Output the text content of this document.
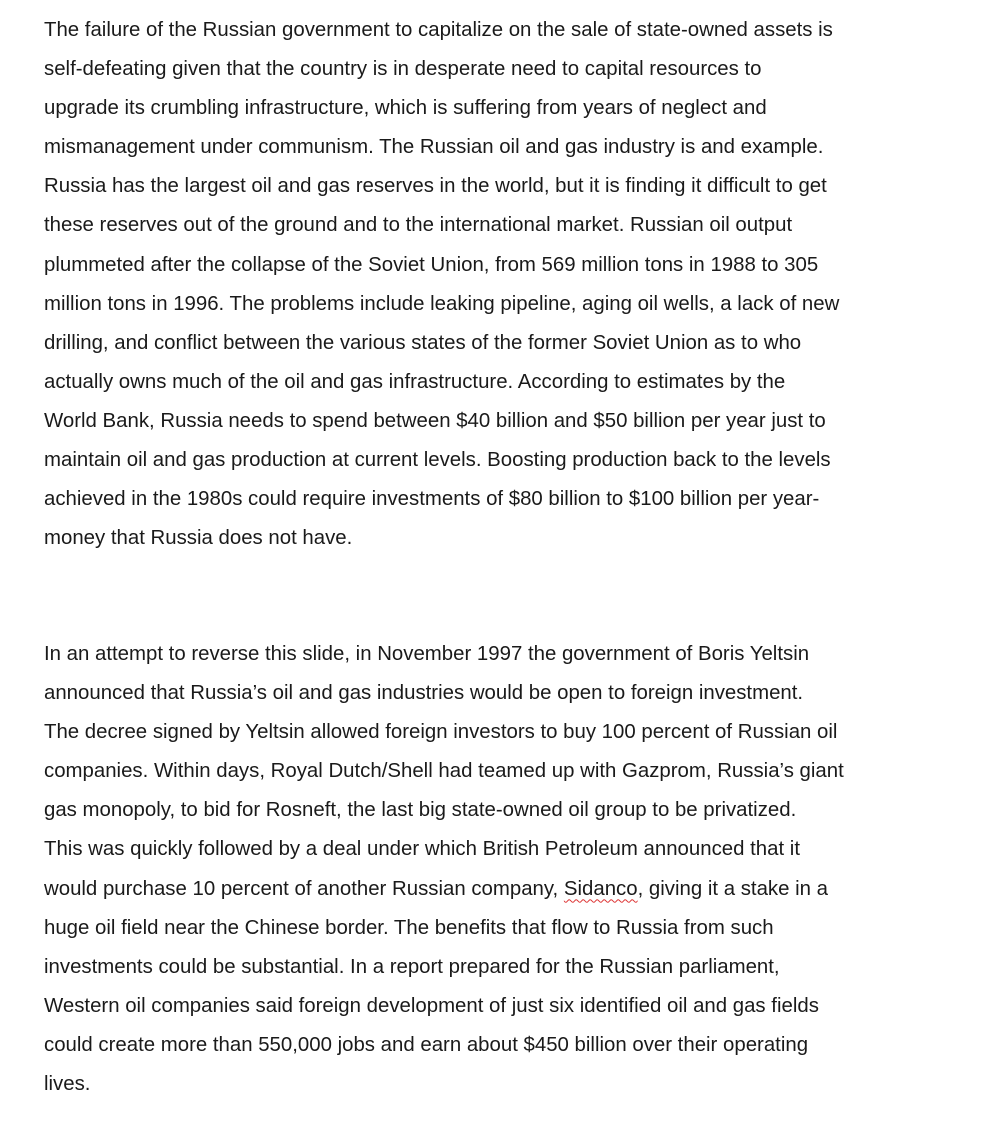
The failure of the Russian government to capitalize on the sale of state-owned assets is
self-defeating given that the country is in desperate need to capital resources to
upgrade its crumbling infrastructure, which is suffering from years of neglect and
mismanagement under communism. The Russian oil and gas industry is and example.
Russia has the largest oil and gas reserves in the world, but it is finding it difficult to get
these reserves out of the ground and to the international market. Russian oil output
plummeted after the collapse of the Soviet Union, from 569 million tons in 1988 to 305
million tons in 1996. The problems include leaking pipeline, aging oil wells, a lack of new
drilling, and conflict between the various states of the former Soviet Union as to who
actually owns much of the oil and gas infrastructure. According to estimates by the
World Bank, Russia needs to spend between $40 billion and $50 billion per year just to
maintain oil and gas production at current levels. Boosting production back to the levels
achieved in the 1980s could require investments of $80 billion to $100 billion per year-
money that Russia does not have.
In an attempt to reverse this slide, in November 1997 the government of Boris Yeltsin
announced that Russia’s oil and gas industries would be open to foreign investment.
The decree signed by Yeltsin allowed foreign investors to buy 100 percent of Russian oil
companies. Within days, Royal Dutch/Shell had teamed up with Gazprom, Russia’s giant
gas monopoly, to bid for Rosneft, the last big state-owned oil group to be privatized.
This was quickly followed by a deal under which British Petroleum announced that it
would purchase 10 percent of another Russian company, Sidanco, giving it a stake in a
huge oil field near the Chinese border. The benefits that flow to Russia from such
investments could be substantial. In a report prepared for the Russian parliament,
Western oil companies said foreign development of just six identified oil and gas fields
could create more than 550,000 jobs and earn about $450 billion over their operating
lives.
